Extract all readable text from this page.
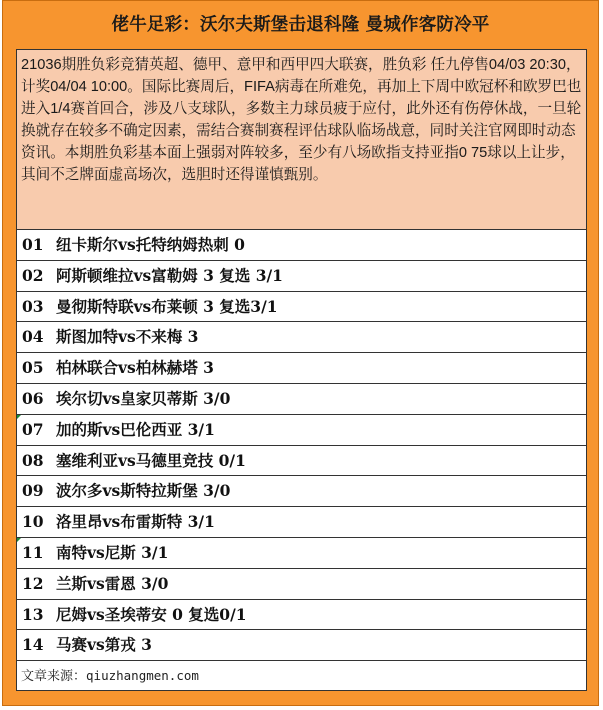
佬牛足彩：沃尔夫斯堡击退科隆 曼城作客防冷平
21036期胜负彩竞猜英超、德甲、意甲和西甲四大联赛，胜负彩 任九停售04/03 20:30，计奖04/04 10:00。国际比赛周后，FIFA病毒在所难免，再加上下周中欧冠杯和欧罗巴也进入1/4赛首回合，涉及八支球队，多数主力球员疲于应付，此外还有伤停休战，一旦轮换就存在较多不确定因素，需结合赛制赛程评估球队临场战意，同时关注官网即时动态资讯。本期胜负彩基本面上强弱对阵较多，至少有八场欧指支持亚指0 75球以上让步，其间不乏牌面虚高场次，选胆时还得谨慎甄别。
01 纽卡斯尔vs托特纳姆热刺 0
02 阿斯顿维拉vs富勒姆 3 复选 3/1
03 曼彻斯特联vs布莱顿 3 复选3/1
04 斯图加特vs不来梅 3
05 柏林联合vs柏林赫塔 3
06 埃尔切vs皇家贝蒂斯 3/0
07 加的斯vs巴伦西亚 3/1
08 塞维利亚vs马德里竞技 0/1
09 波尔多vs斯特拉斯堡 3/0
10 洛里昂vs布雷斯特 3/1
11 南特vs尼斯 3/1
12 兰斯vs雷恩 3/0
13 尼姆vs圣埃蒂安 0 复选0/1
14 马赛vs第戎 3
文章来源：qiuzhangmen.com
